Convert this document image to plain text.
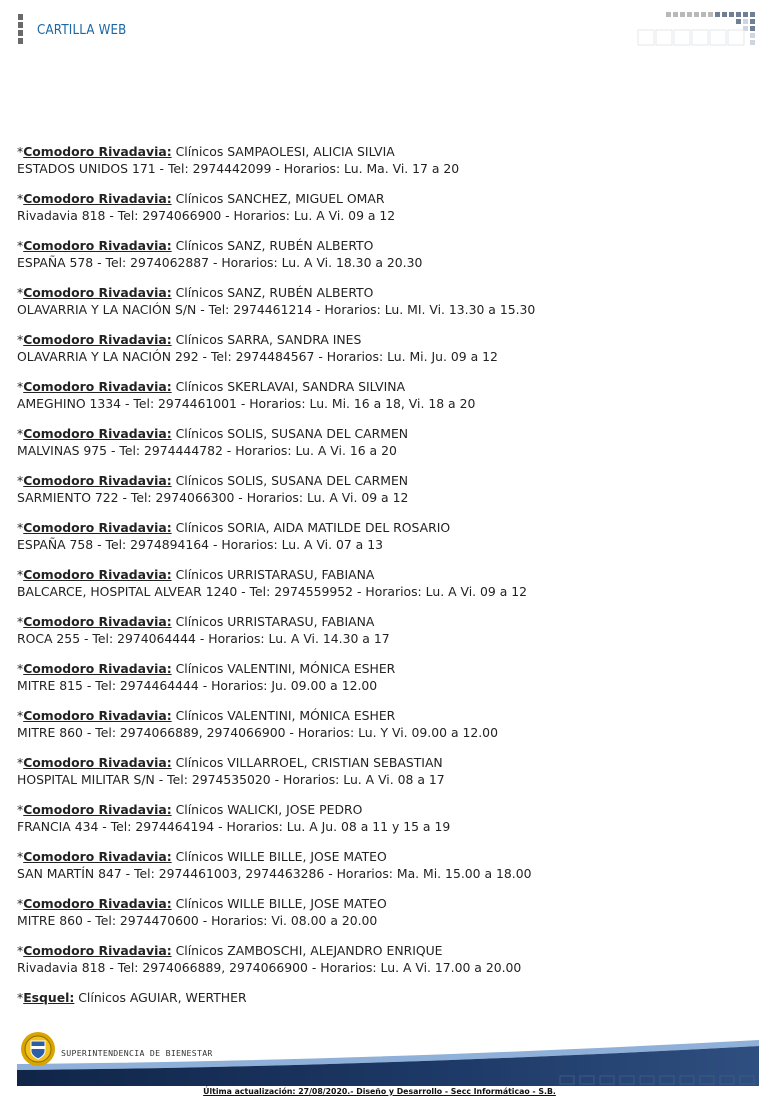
CARTILLA WEB
*Comodoro Rivadavia: Clínicos SAMPAOLESI, ALICIA SILVIA
ESTADOS UNIDOS 171 - Tel: 2974442099 - Horarios: Lu. Ma. Vi. 17 a 20
*Comodoro Rivadavia: Clínicos SANCHEZ, MIGUEL OMAR
Rivadavia 818 - Tel: 2974066900 - Horarios: Lu. A Vi. 09 a 12
*Comodoro Rivadavia: Clínicos SANZ, RUBÉN ALBERTO
ESPAÑA 578 - Tel: 2974062887 - Horarios: Lu. A Vi. 18.30 a 20.30
*Comodoro Rivadavia: Clínicos SANZ, RUBÉN ALBERTO
OLAVARRIA Y LA NACIÓN S/N - Tel: 2974461214 - Horarios: Lu. MI. Vi. 13.30 a 15.30
*Comodoro Rivadavia: Clínicos SARRA, SANDRA INES
OLAVARRIA Y LA NACIÓN 292 - Tel: 2974484567 - Horarios: Lu. Mi. Ju. 09 a 12
*Comodoro Rivadavia: Clínicos SKERLAVAI, SANDRA SILVINA
AMEGHINO 1334 - Tel: 2974461001 - Horarios: Lu. Mi. 16 a 18, Vi. 18 a 20
*Comodoro Rivadavia: Clínicos SOLIS, SUSANA DEL CARMEN
MALVINAS 975 - Tel: 2974444782 - Horarios: Lu. A Vi. 16 a 20
*Comodoro Rivadavia: Clínicos SOLIS, SUSANA DEL CARMEN
SARMIENTO 722 - Tel: 2974066300 - Horarios: Lu. A Vi. 09 a 12
*Comodoro Rivadavia: Clínicos SORIA, AIDA MATILDE DEL ROSARIO
ESPAÑA 758 - Tel: 2974894164 - Horarios: Lu. A Vi. 07 a 13
*Comodoro Rivadavia: Clínicos URRISTARASU, FABIANA
BALCARCE, HOSPITAL ALVEAR 1240 - Tel: 2974559952 - Horarios: Lu. A Vi. 09 a 12
*Comodoro Rivadavia: Clínicos URRISTARASU, FABIANA
ROCA 255 - Tel: 2974064444 - Horarios: Lu. A Vi. 14.30 a 17
*Comodoro Rivadavia: Clínicos VALENTINI, MÓNICA ESHER
MITRE 815 - Tel: 2974464444 - Horarios: Ju. 09.00 a 12.00
*Comodoro Rivadavia: Clínicos VALENTINI, MÓNICA ESHER
MITRE 860 - Tel: 2974066889, 2974066900 - Horarios: Lu. Y Vi. 09.00 a 12.00
*Comodoro Rivadavia: Clínicos VILLARROEL, CRISTIAN SEBASTIAN
HOSPITAL MILITAR S/N - Tel: 2974535020 - Horarios: Lu. A Vi. 08 a 17
*Comodoro Rivadavia: Clínicos WALICKI, JOSE PEDRO
FRANCIA 434 - Tel: 2974464194 - Horarios: Lu. A Ju. 08 a 11 y 15 a 19
*Comodoro Rivadavia: Clínicos WILLE BILLE, JOSE MATEO
SAN MARTÍN 847 - Tel: 2974461003, 2974463286 - Horarios: Ma. Mi. 15.00 a 18.00
*Comodoro Rivadavia: Clínicos WILLE BILLE, JOSE MATEO
MITRE 860 - Tel: 2974470600 - Horarios: Vi. 08.00 a 20.00
*Comodoro Rivadavia: Clínicos ZAMBOSCHI, ALEJANDRO ENRIQUE
Rivadavia 818 - Tel: 2974066889, 2974066900 - Horarios: Lu. A Vi. 17.00 a 20.00
*Esquel: Clínicos AGUIAR, WERTHER
SUPERINTENDENCIA DE BIENESTAR
Última actualización: 27/08/2020.- Diseño y Desarrollo - Secc Informáticao - S.B.
